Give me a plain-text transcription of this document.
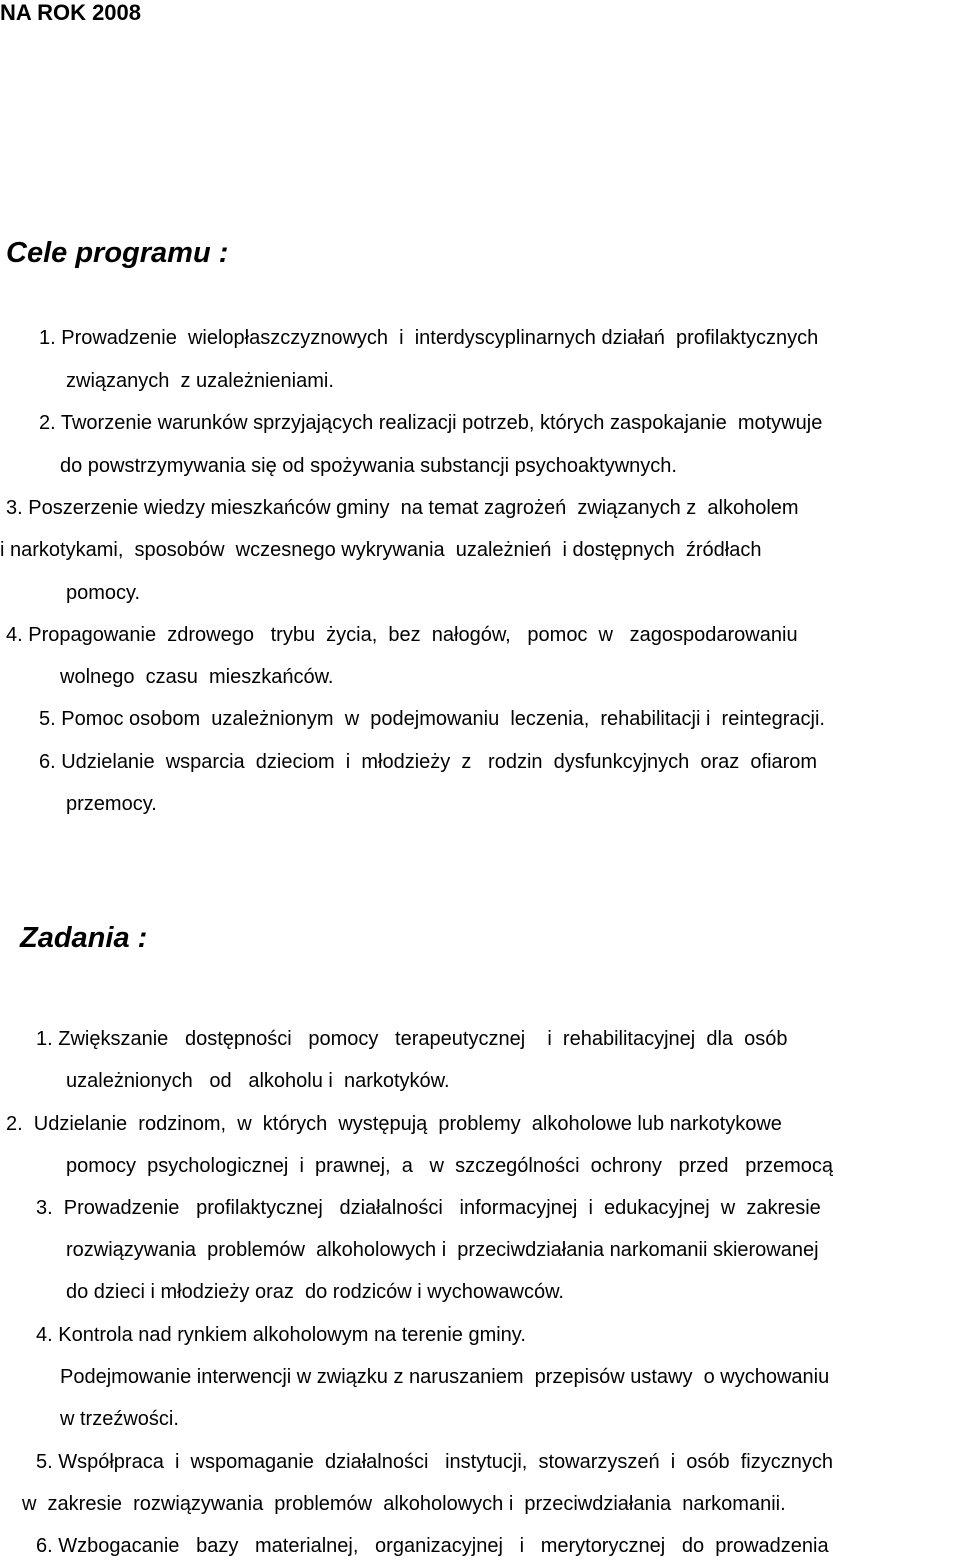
NA ROK 2008
Cele programu :
1. Prowadzenie  wielopłaszczyznowych  i  interdyscyplinarnych działań  profilaktycznych
związanych  z uzależnieniami.
2. Tworzenie warunków sprzyjających realizacji potrzeb, których zaspokajanie  motywuje
do powstrzymywania się od spożywania substancji psychoaktywnych.
3. Poszerzenie wiedzy mieszkańców gminy  na temat zagrożeń  związanych z  alkoholem
i narkotykami,  sposobów  wczesnego wykrywania  uzależnień  i dostępnych  źródłach
pomocy.
4. Propagowanie  zdrowego   trybu  życia,  bez  nałogów,   pomoc  w   zagospodarowaniu
wolnego  czasu  mieszkańców.
5. Pomoc osobom  uzależnionym  w  podejmowaniu  leczenia,  rehabilitacji i  reintegracji.
6. Udzielanie  wsparcia  dzieciom  i  młodzieży  z   rodzin  dysfunkcyjnych  oraz  ofiarom
przemocy.
Zadania :
1. Zwiększanie   dostępności   pomocy   terapeutycznej    i  rehabilitacyjnej  dla  osób
uzależnionych   od   alkoholu i  narkotyków.
2.  Udzielanie  rodzinom,  w  których  występują  problemy  alkoholowe lub narkotykowe
pomocy  psychologicznej  i  prawnej,  a   w  szczególności  ochrony   przed   przemocą
3.  Prowadzenie   profilaktycznej   działalności   informacyjnej  i  edukacyjnej  w  zakresie
rozwiązywania  problemów  alkoholowych i  przeciwdziałania narkomanii skierowanej
do dzieci i młodzieży oraz  do rodziców i wychowawców.
4. Kontrola nad rynkiem alkoholowym na terenie gminy.
Podejmowanie interwencji w związku z naruszaniem  przepisów ustawy  o wychowaniu
w trzeźwości.
5. Współpraca  i  wspomaganie  działalności   instytucji,  stowarzyszeń  i  osób  fizycznych
w  zakresie  rozwiązywania  problemów  alkoholowych i  przeciwdziałania  narkomanii.
6. Wzbogacanie   bazy   materialnej,   organizacyjnej   i   merytorycznej   do  prowadzenia
